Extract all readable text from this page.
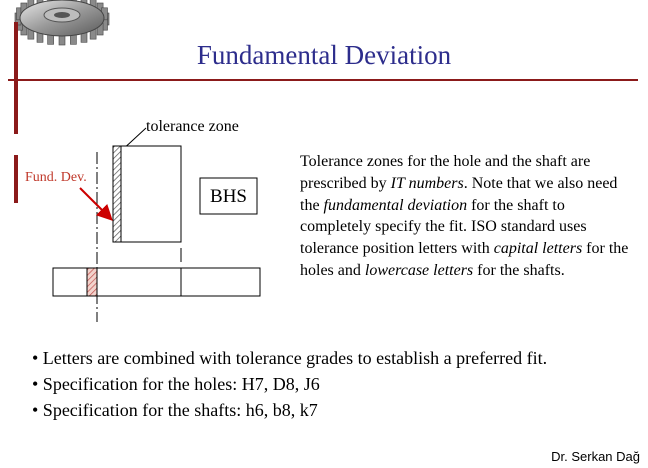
Fundamental Deviation
tolerance zone
Fund. Dev.
BHS
Tolerance zones for the hole and the shaft are prescribed by IT numbers. Note that we also need the fundamental deviation for the shaft to completely specify the fit. ISO standard uses tolerance position letters with capital letters for the holes and lowercase letters for the shafts.
• Letters are combined with tolerance grades to establish a preferred fit.
• Specification for the holes: H7, D8, J6
• Specification for the shafts: h6, b8, k7
Dr. Serkan Dağ
